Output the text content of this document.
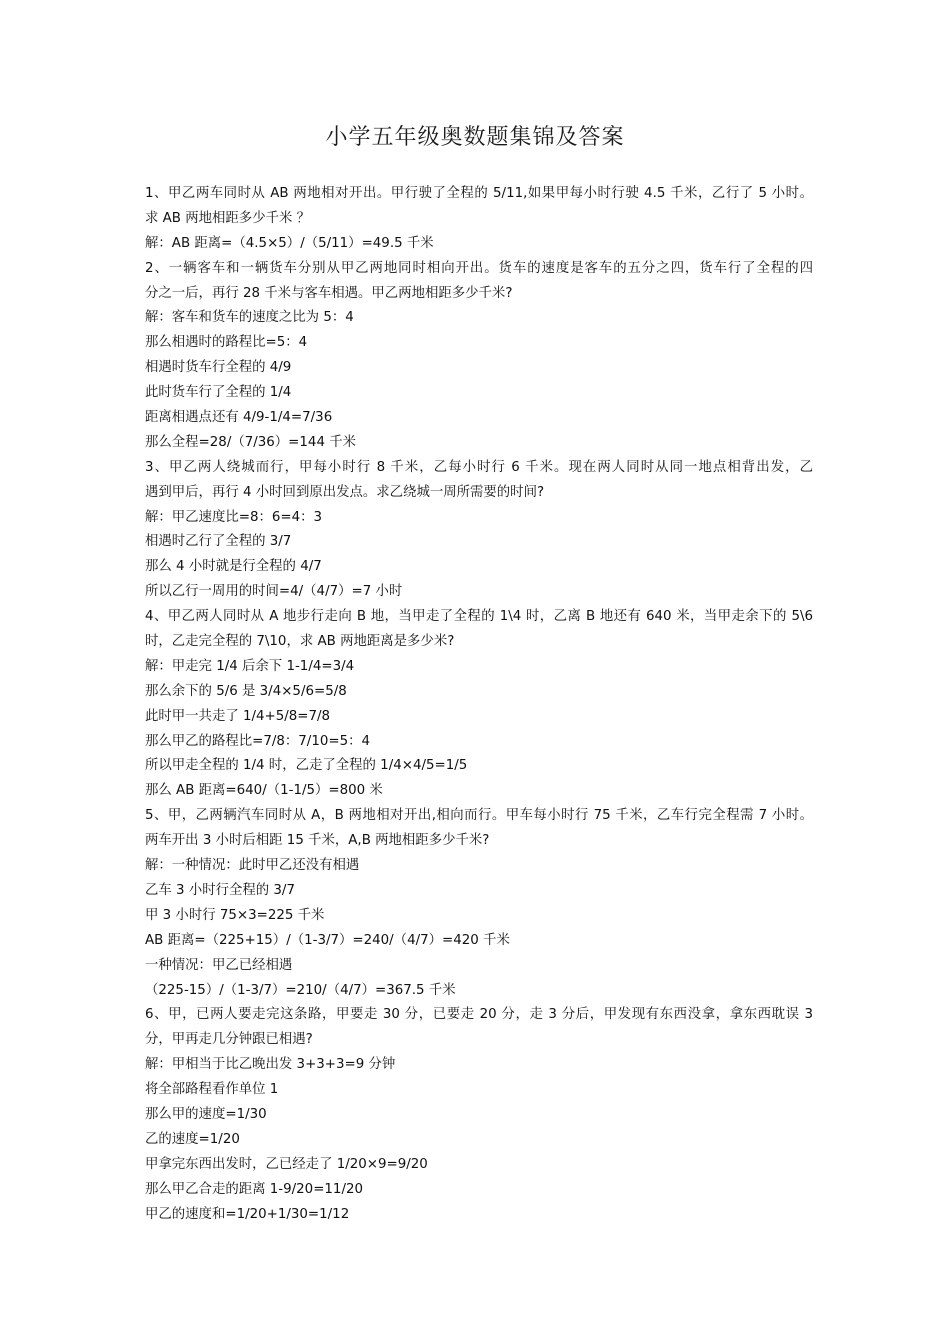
小学五年级奥数题集锦及答案
1、甲乙两车同时从 AB 两地相对开出。甲行驶了全程的 5/11,如果甲每小时行驶 4.5 千米，乙行了 5 小时。
求 AB 两地相距多少千米 ？
解：AB 距离=（4.5×5）/（5/11）=49.5 千米
2、一辆客车和一辆货车分别从甲乙两地同时相向开出。货车的速度是客车的五分之四，货车行了全程的四
分之一后，再行 28 千米与客车相遇。甲乙两地相距多少千米?
解：客车和货车的速度之比为 5：4
那么相遇时的路程比=5：4
相遇时货车行全程的 4/9
此时货车行了全程的 1/4
距离相遇点还有 4/9-1/4=7/36
那么全程=28/（7/36）=144 千米
3、甲乙两人绕城而行，甲每小时行 8 千米，乙每小时行 6 千米。现在两人同时从同一地点相背出发，乙
遇到甲后，再行 4 小时回到原出发点。求乙绕城一周所需要的时间?
解：甲乙速度比=8：6=4：3
相遇时乙行了全程的 3/7
那么 4 小时就是行全程的 4/7
所以乙行一周用的时间=4/（4/7）=7 小时
4、甲乙两人同时从 A 地步行走向 B 地，当甲走了全程的 1\4 时，乙离 B 地还有 640 米，当甲走余下的 5\6
时，乙走完全程的 7\10，求 AB 两地距离是多少米?
解：甲走完 1/4 后余下 1-1/4=3/4
那么余下的 5/6 是 3/4×5/6=5/8
此时甲一共走了 1/4+5/8=7/8
那么甲乙的路程比=7/8：7/10=5：4
所以甲走全程的 1/4 时，乙走了全程的 1/4×4/5=1/5
那么 AB 距离=640/（1-1/5）=800 米
5、甲，乙两辆汽车同时从 A，B 两地相对开出,相向而行。甲车每小时行 75 千米，乙车行完全程需 7 小时。
两车开出 3 小时后相距 15 千米，A,B 两地相距多少千米?
解：一种情况：此时甲乙还没有相遇
乙车 3 小时行全程的 3/7
甲 3 小时行 75×3=225 千米
AB 距离=（225+15）/（1-3/7）=240/（4/7）=420 千米
一种情况：甲乙已经相遇
（225-15）/（1-3/7）=210/（4/7）=367.5 千米
6、甲，已两人要走完这条路，甲要走 30 分，已要走 20 分，走 3 分后，甲发现有东西没拿，拿东西耽误 3
分，甲再走几分钟跟已相遇?
解：甲相当于比乙晚出发 3+3+3=9 分钟
将全部路程看作单位 1
那么甲的速度=1/30
乙的速度=1/20
甲拿完东西出发时，乙已经走了 1/20×9=9/20
那么甲乙合走的距离 1-9/20=11/20
甲乙的速度和=1/20+1/30=1/12
